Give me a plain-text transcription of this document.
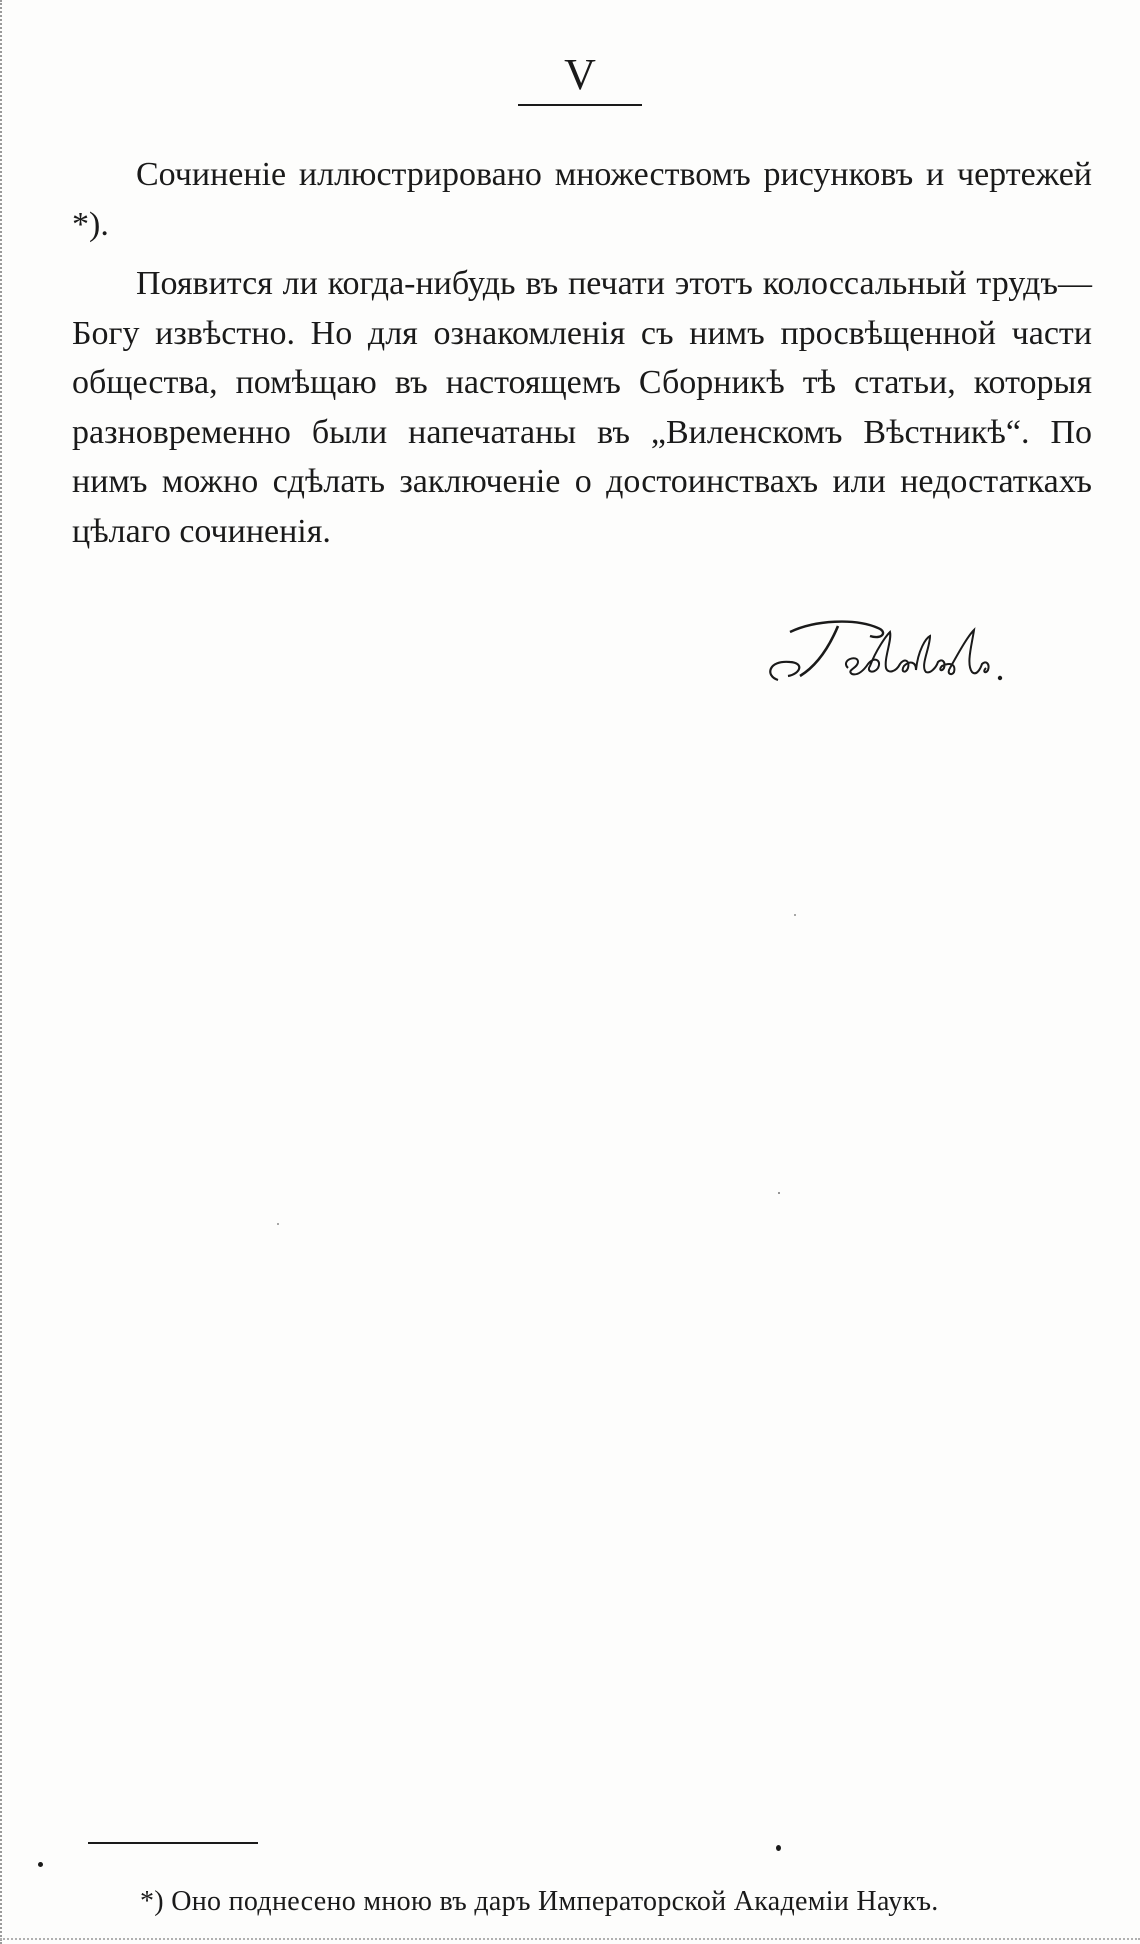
V

Сочиненіе иллюстрировано множествомъ рисунковъ и чертежей *).

Появится ли когда-нибудь въ печати этотъ колоссальный трудъ—Богу извѣстно. Но для ознакомленія съ нимъ просвѣщенной части общества, помѣщаю въ настоящемъ Сборникѣ тѣ статьи, которыя разновременно были напечатаны въ „Виленскомъ Вѣстникѣ“. По нимъ можно сдѣлать заключеніе о достоинствахъ или недостаткахъ цѣлаго сочиненія.

*) Оно поднесено мною въ даръ Императорской Академіи Наукъ.
